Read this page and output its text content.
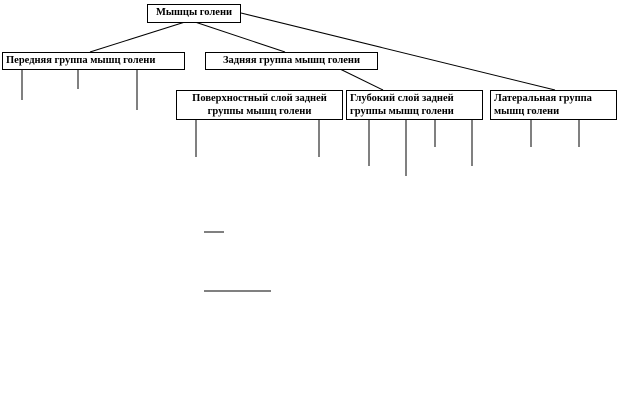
Мышцы голени
Передняя группа мышц голени	Задняя группа мышц голени
Поверхностный слой задней группы мышц голени
Глубокий слой задней группы мышц голени
Латеральная группа мышц голени
